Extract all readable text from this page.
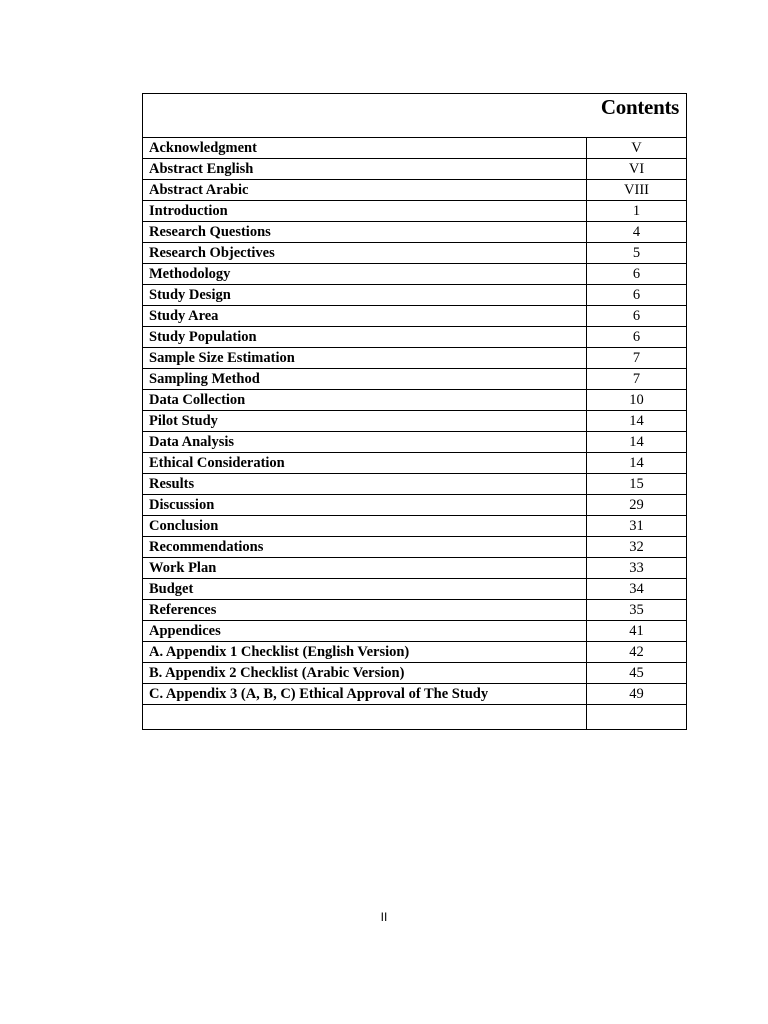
Contents	
Acknowledgment	V
Abstract English	VI
Abstract Arabic	VIII
Introduction	1
Research Questions	4
Research Objectives	5
Methodology	6
Study Design	6
Study Area	6
Study Population	6
Sample Size Estimation	7
Sampling Method	7
Data Collection	10
Pilot Study	14
Data Analysis	14
Ethical Consideration	14
Results	15
Discussion	29
Conclusion	31
Recommendations	32
Work Plan	33
Budget	34
References	35
Appendices	41
A. Appendix 1 Checklist (English Version)	42
B. Appendix 2 Checklist (Arabic Version)	45
C. Appendix 3 (A, B, C) Ethical Approval of The Study	49

II
